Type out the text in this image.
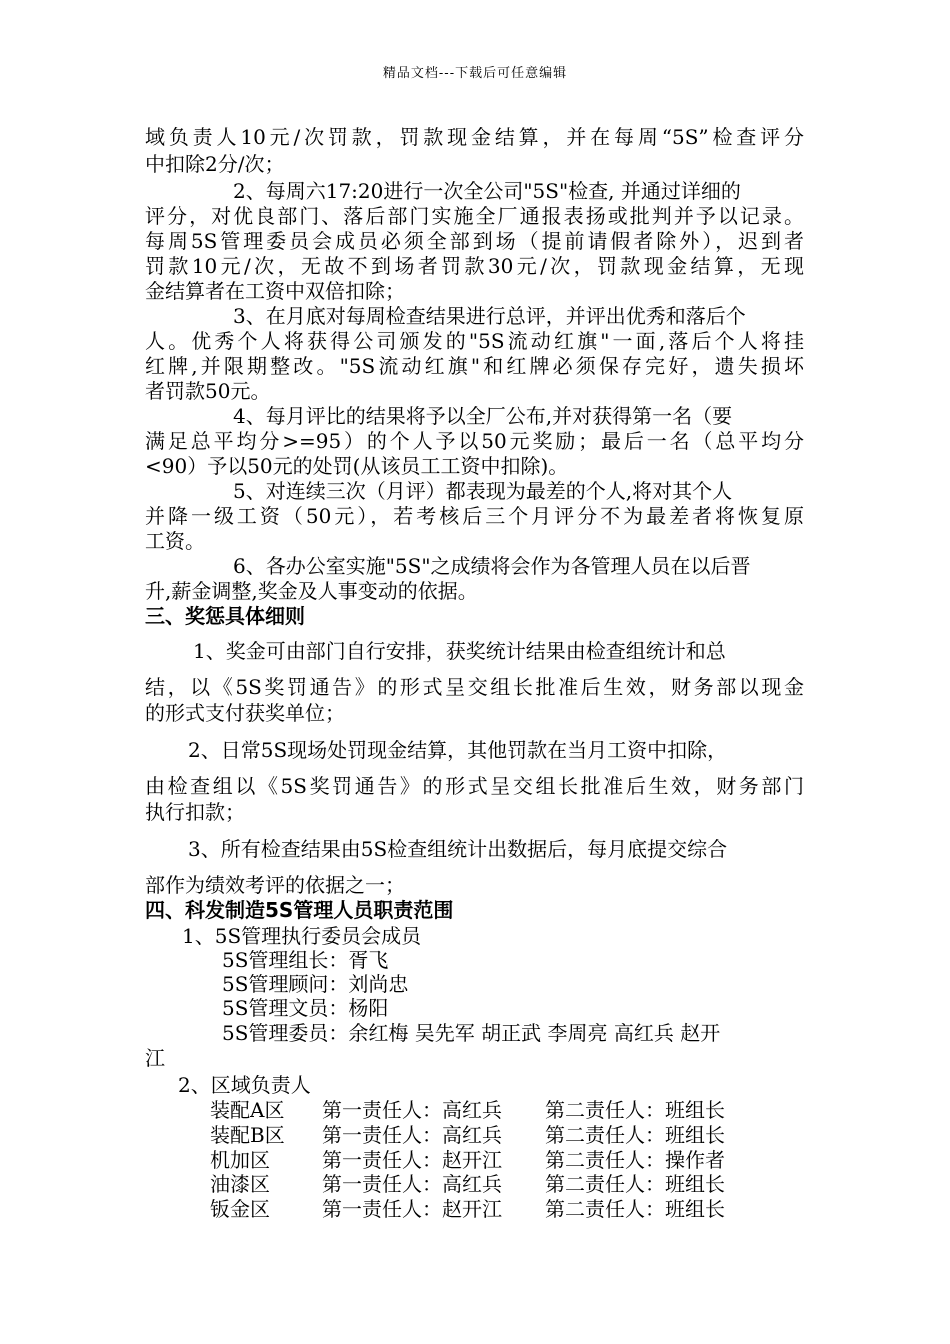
精品文档---下载后可任意编辑
域负责人10元/次罚款，罚款现金结算，并在每周“5S”检查评分
中扣除2分/次；
2、每周六17:20进行一次全公司"5S"检查, 并通过详细的
评分，对优良部门、落后部门实施全厂通报表扬或批判并予以记录。
每周5S管理委员会成员必须全部到场（提前请假者除外），迟到者
罚款10元/次，无故不到场者罚款30元/次，罚款现金结算，无现
金结算者在工资中双倍扣除；
3、在月底对每周检查结果进行总评，并评出优秀和落后个
人。优秀个人将获得公司颁发的"5S流动红旗"一面,落后个人将挂
红牌,并限期整改。"5S流动红旗"和红牌必须保存完好，遗失损坏
者罚款50元。
4、每月评比的结果将予以全厂公布,并对获得第一名（要
满足总平均分>=95）的个人予以50元奖励；最后一名（总平均分
<90）予以50元的处罚(从该员工工资中扣除)。
5、对连续三次（月评）都表现为最差的个人,将对其个人
并降一级工资（50元），若考核后三个月评分不为最差者将恢复原
工资。
6、各办公室实施"5S"之成绩将会作为各管理人员在以后晋
升,薪金调整,奖金及人事变动的依据。
三、奖惩具体细则
1、奖金可由部门自行安排，获奖统计结果由检查组统计和总
结，以《5S奖罚通告》的形式呈交组长批准后生效，财务部以现金
的形式支付获奖单位；
2、日常5S现场处罚现金结算，其他罚款在当月工资中扣除，
由检查组以《5S奖罚通告》的形式呈交组长批准后生效，财务部门
执行扣款；
3、所有检查结果由5S检查组统计出数据后，每月底提交综合
部作为绩效考评的依据之一；
四、科发制造5S管理人员职责范围
1、5S管理执行委员会成员
5S管理组长：胥飞
5S管理顾问：刘尚忠
5S管理文员：杨阳
5S管理委员：余红梅 吴先军 胡正武 李周亮 高红兵 赵开
江
2、区域负责人
装配A区 第一责任人：高红兵 第二责任人：班组长
装配B区 第一责任人：高红兵 第二责任人：班组长
机加区	第一责任人：赵开江 第二责任人：操作者
油漆区	第一责任人：高红兵 第二责任人：班组长
钣金区	第一责任人：赵开江 第二责任人：班组长
